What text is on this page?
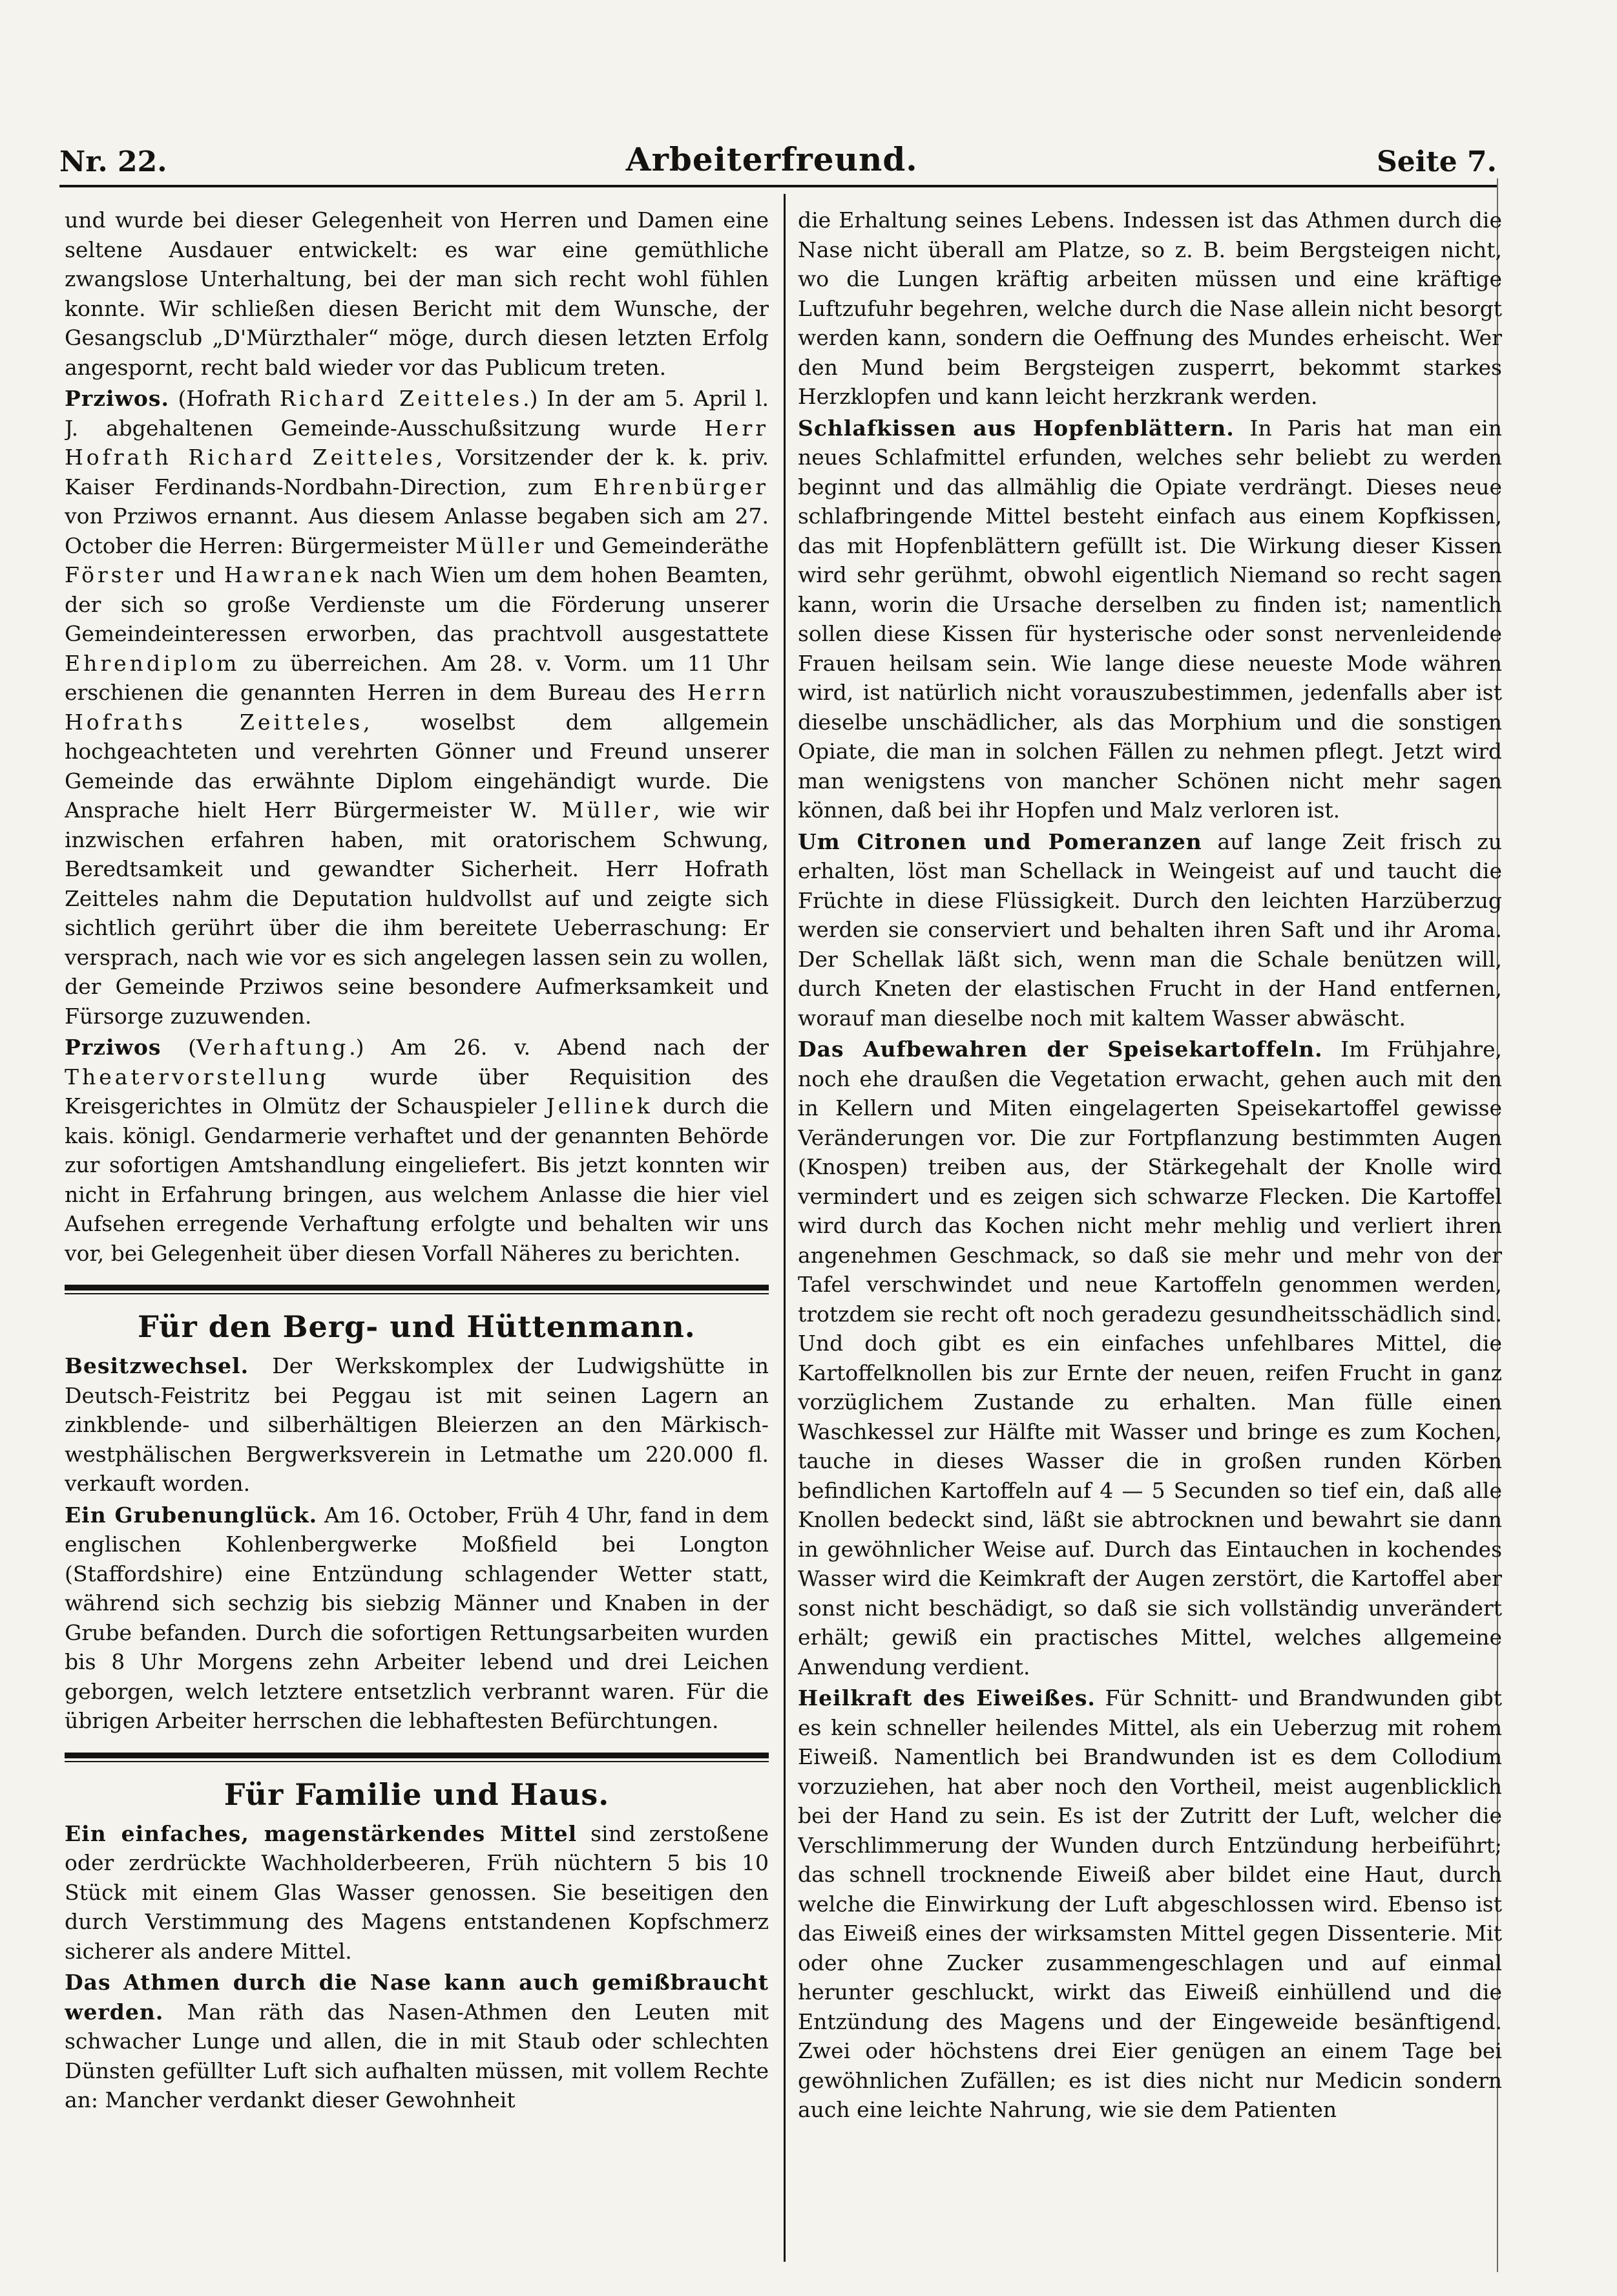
Nr. 22.	Arbeiterfreund.	Seite 7.

und wurde bei dieser Gelegenheit von Herren und Damen eine seltene Ausdauer entwickelt: es war eine gemüthliche zwangslose Unterhaltung, bei der man sich recht wohl fühlen konnte. Wir schließen diesen Bericht mit dem Wunsche, der Gesangsclub „D'Mürzthaler“ möge, durch diesen letzten Erfolg angespornt, recht bald wieder vor das Publicum treten.

Prziwos. (Hofrath Richard Zeitteles.) In der am 5. April l. J. abgehaltenen Gemeinde-Ausschußsitzung wurde Herr Hofrath Richard Zeitteles, Vorsitzender der k. k. priv. Kaiser Ferdinands-Nordbahn-Direction, zum Ehrenbürger von Prziwos ernannt. Aus diesem Anlasse begaben sich am 27. October die Herren: Bürgermeister Müller und Gemeinderäthe Förster und Hawranek nach Wien um dem hohen Beamten, der sich so große Verdienste um die Förderung unserer Gemeindeinteressen erworben, das prachtvoll ausgestattete Ehrendiplom zu überreichen. Am 28. v. Vorm. um 11 Uhr erschienen die genannten Herren in dem Bureau des Herrn Hofraths Zeitteles, woselbst dem allgemein hochgeachteten und verehrten Gönner und Freund unserer Gemeinde das erwähnte Diplom eingehändigt wurde. Die Ansprache hielt Herr Bürgermeister W. Müller, wie wir inzwischen erfahren haben, mit oratorischem Schwung, Beredtsamkeit und gewandter Sicherheit. Herr Hofrath Zeitteles nahm die Deputation huldvollst auf und zeigte sich sichtlich gerührt über die ihm bereitete Ueberraschung: Er versprach, nach wie vor es sich angelegen lassen sein zu wollen, der Gemeinde Prziwos seine besondere Aufmerksamkeit und Fürsorge zuzuwenden.

Prziwos (Verhaftung.) Am 26. v. Abend nach der Theatervorstellung wurde über Requisition des Kreisgerichtes in Olmütz der Schauspieler Jellinek durch die kais. königl. Gendarmerie verhaftet und der genannten Behörde zur sofortigen Amtshandlung eingeliefert. Bis jetzt konnten wir nicht in Erfahrung bringen, aus welchem Anlasse die hier viel Aufsehen erregende Verhaftung erfolgte und behalten wir uns vor, bei Gelegenheit über diesen Vorfall Näheres zu berichten.

Für den Berg- und Hüttenmann.

Besitzwechsel. Der Werkskomplex der Ludwigshütte in Deutsch-Feistritz bei Peggau ist mit seinen Lagern an zinkblende- und silberhältigen Bleierzen an den Märkisch-westphälischen Bergwerksverein in Letmathe um 220.000 fl. verkauft worden.

Ein Grubenunglück. Am 16. October, Früh 4 Uhr, fand in dem englischen Kohlenbergwerke Moßfield bei Longton (Staffordshire) eine Entzündung schlagender Wetter statt, während sich sechzig bis siebzig Männer und Knaben in der Grube befanden. Durch die sofortigen Rettungsarbeiten wurden bis 8 Uhr Morgens zehn Arbeiter lebend und drei Leichen geborgen, welch letztere entsetzlich verbrannt waren. Für die übrigen Arbeiter herrschen die lebhaftesten Befürchtungen.

Für Familie und Haus.

Ein einfaches, magenstärkendes Mittel sind zerstoßene oder zerdrückte Wachholderbeeren, Früh nüchtern 5 bis 10 Stück mit einem Glas Wasser genossen. Sie beseitigen den durch Verstimmung des Magens entstandenen Kopfschmerz sicherer als andere Mittel.

Das Athmen durch die Nase kann auch gemißbraucht werden. Man räth das Nasen-Athmen den Leuten mit schwacher Lunge und allen, die in mit Staub oder schlechten Dünsten gefüllter Luft sich aufhalten müssen, mit vollem Rechte an: Mancher verdankt dieser Gewohnheit

die Erhaltung seines Lebens. Indessen ist das Athmen durch die Nase nicht überall am Platze, so z. B. beim Bergsteigen nicht, wo die Lungen kräftig arbeiten müssen und eine kräftige Luftzufuhr begehren, welche durch die Nase allein nicht besorgt werden kann, sondern die Oeffnung des Mundes erheischt. Wer den Mund beim Bergsteigen zusperrt, bekommt starkes Herzklopfen und kann leicht herzkrank werden.

Schlafkissen aus Hopfenblättern. In Paris hat man ein neues Schlafmittel erfunden, welches sehr beliebt zu werden beginnt und das allmählig die Opiate verdrängt. Dieses neue schlafbringende Mittel besteht einfach aus einem Kopfkissen, das mit Hopfenblättern gefüllt ist. Die Wirkung dieser Kissen wird sehr gerühmt, obwohl eigentlich Niemand so recht sagen kann, worin die Ursache derselben zu finden ist; namentlich sollen diese Kissen für hysterische oder sonst nervenleidende Frauen heilsam sein. Wie lange diese neueste Mode währen wird, ist natürlich nicht vorauszubestimmen, jedenfalls aber ist dieselbe unschädlicher, als das Morphium und die sonstigen Opiate, die man in solchen Fällen zu nehmen pflegt. Jetzt wird man wenigstens von mancher Schönen nicht mehr sagen können, daß bei ihr Hopfen und Malz verloren ist.

Um Citronen und Pomeranzen auf lange Zeit frisch zu erhalten, löst man Schellack in Weingeist auf und taucht die Früchte in diese Flüssigkeit. Durch den leichten Harzüberzug werden sie conserviert und behalten ihren Saft und ihr Aroma. Der Schellak läßt sich, wenn man die Schale benützen will, durch Kneten der elastischen Frucht in der Hand entfernen, worauf man dieselbe noch mit kaltem Wasser abwäscht.

Das Aufbewahren der Speisekartoffeln. Im Frühjahre, noch ehe draußen die Vegetation erwacht, gehen auch mit den in Kellern und Miten eingelagerten Speisekartoffel gewisse Veränderungen vor. Die zur Fortpflanzung bestimmten Augen (Knospen) treiben aus, der Stärkegehalt der Knolle wird vermindert und es zeigen sich schwarze Flecken. Die Kartoffel wird durch das Kochen nicht mehr mehlig und verliert ihren angenehmen Geschmack, so daß sie mehr und mehr von der Tafel verschwindet und neue Kartoffeln genommen werden, trotzdem sie recht oft noch geradezu gesundheitsschädlich sind. Und doch gibt es ein einfaches unfehlbares Mittel, die Kartoffelknollen bis zur Ernte der neuen, reifen Frucht in ganz vorzüglichem Zustande zu erhalten. Man fülle einen Waschkessel zur Hälfte mit Wasser und bringe es zum Kochen, tauche in dieses Wasser die in großen runden Körben befindlichen Kartoffeln auf 4 — 5 Secunden so tief ein, daß alle Knollen bedeckt sind, läßt sie abtrocknen und bewahrt sie dann in gewöhnlicher Weise auf. Durch das Eintauchen in kochendes Wasser wird die Keimkraft der Augen zerstört, die Kartoffel aber sonst nicht beschädigt, so daß sie sich vollständig unverändert erhält; gewiß ein practisches Mittel, welches allgemeine Anwendung verdient.

Heilkraft des Eiweißes. Für Schnitt- und Brandwunden gibt es kein schneller heilendes Mittel, als ein Ueberzug mit rohem Eiweiß. Namentlich bei Brandwunden ist es dem Collodium vorzuziehen, hat aber noch den Vortheil, meist augenblicklich bei der Hand zu sein. Es ist der Zutritt der Luft, welcher die Verschlimmerung der Wunden durch Entzündung herbeiführt; das schnell trocknende Eiweiß aber bildet eine Haut, durch welche die Einwirkung der Luft abgeschlossen wird. Ebenso ist das Eiweiß eines der wirksamsten Mittel gegen Dissenterie. Mit oder ohne Zucker zusammengeschlagen und auf einmal herunter geschluckt, wirkt das Eiweiß einhüllend und die Entzündung des Magens und der Eingeweide besänftigend. Zwei oder höchstens drei Eier genügen an einem Tage bei gewöhnlichen Zufällen; es ist dies nicht nur Medicin sondern auch eine leichte Nahrung, wie sie dem Patienten
